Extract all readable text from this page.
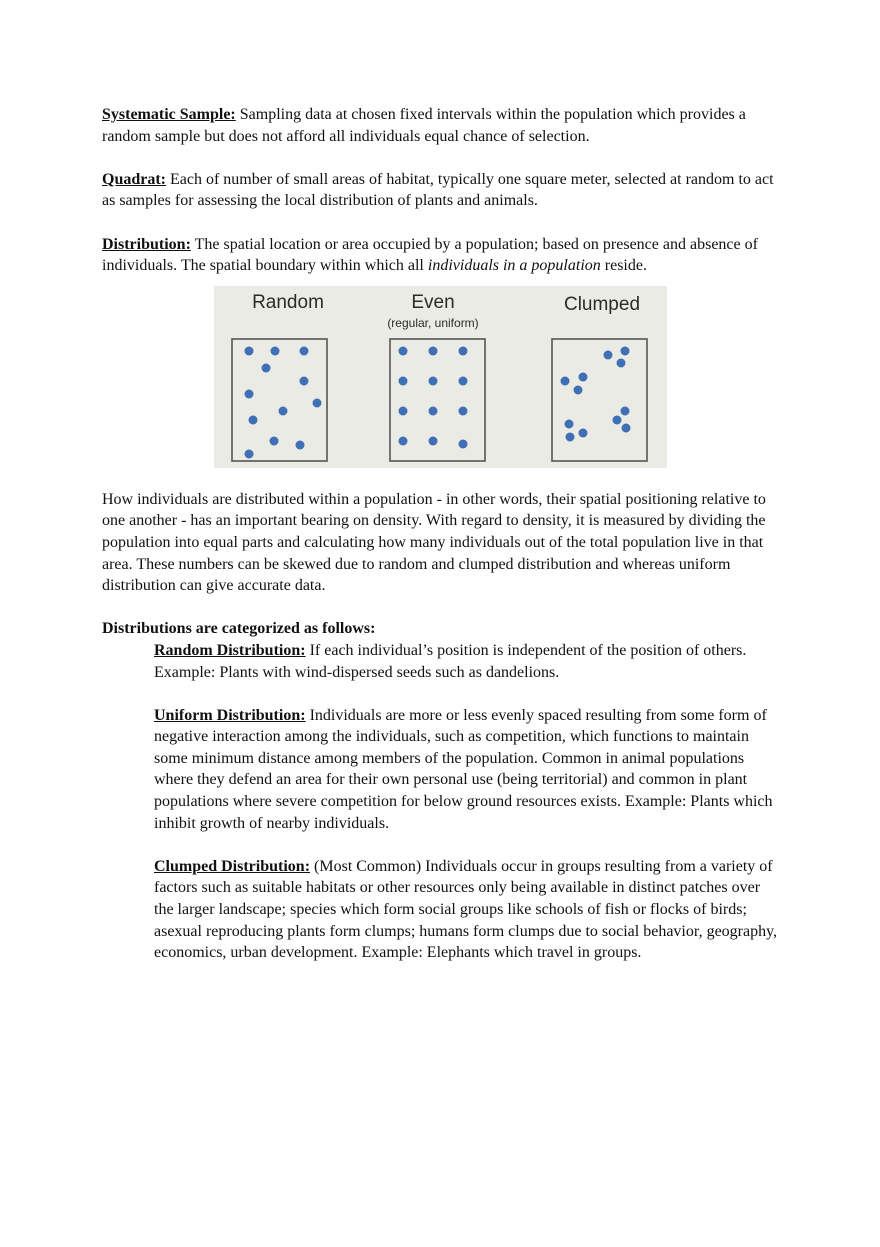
Systematic Sample: Sampling data at chosen fixed intervals within the population which provides a random sample but does not afford all individuals equal chance of selection.

Quadrat: Each of number of small areas of habitat, typically one square meter, selected at random to act as samples for assessing the local distribution of plants and animals.

Distribution: The spatial location or area occupied by a population; based on presence and absence of individuals. The spatial boundary within which all individuals in a population reside.

Random	Even
(regular, uniform)
Clumped

How individuals are distributed within a population - in other words, their spatial positioning relative to one another - has an important bearing on density. With regard to density, it is measured by dividing the population into equal parts and calculating how many individuals out of the total population live in that area. These numbers can be skewed due to random and clumped distribution and whereas uniform distribution can give accurate data.

Distributions are categorized as follows:

Random Distribution: If each individual’s position is independent of the position of others. Example: Plants with wind-dispersed seeds such as dandelions.

Uniform Distribution: Individuals are more or less evenly spaced resulting from some form of negative interaction among the individuals, such as competition, which functions to maintain some minimum distance among members of the population. Common in animal populations where they defend an area for their own personal use (being territorial) and common in plant populations where severe competition for below ground resources exists. Example: Plants which inhibit growth of nearby individuals.

Clumped Distribution: (Most Common) Individuals occur in groups resulting from a variety of factors such as suitable habitats or other resources only being available in distinct patches over the larger landscape; species which form social groups like schools of fish or flocks of birds; asexual reproducing plants form clumps; humans form clumps due to social behavior, geography, economics, urban development. Example: Elephants which travel in groups.
